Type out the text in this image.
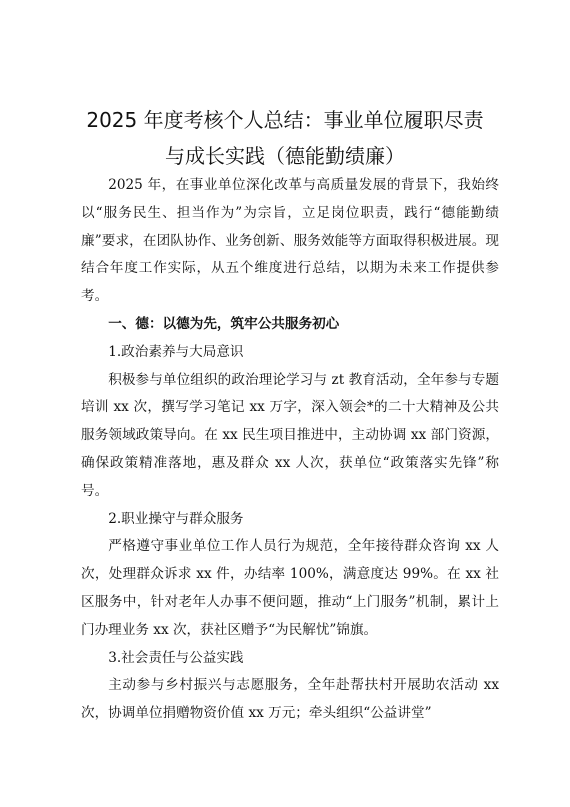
2025 年度考核个人总结：事业单位履职尽责
与成长实践（德能勤绩廉）

2025 年，在事业单位深化改革与高质量发展的背景下，我始终以“服务民生、担当作为”为宗旨，立足岗位职责，践行“德能勤绩廉”要求，在团队协作、业务创新、服务效能等方面取得积极进展。现结合年度工作实际，从五个维度进行总结，以期为未来工作提供参考。

一、德：以德为先，筑牢公共服务初心

1.政治素养与大局意识

积极参与单位组织的政治理论学习与 zt 教育活动，全年参与专题培训 xx 次，撰写学习笔记 xx 万字，深入领会*的二十大精神及公共服务领域政策导向。在 xx 民生项目推进中，主动协调 xx 部门资源，确保政策精准落地，惠及群众 xx 人次，获单位“政策落实先锋”称号。

2.职业操守与群众服务

严格遵守事业单位工作人员行为规范，全年接待群众咨询 xx 人次，处理群众诉求 xx 件，办结率 100%，满意度达 99%。在 xx 社区服务中，针对老年人办事不便问题，推动“上门服务”机制，累计上门办理业务 xx 次，获社区赠予“为民解忧”锦旗。

3.社会责任与公益实践

主动参与乡村振兴与志愿服务，全年赴帮扶村开展助农活动 xx 次，协调单位捐赠物资价值 xx 万元；牵头组织“公益讲堂”
